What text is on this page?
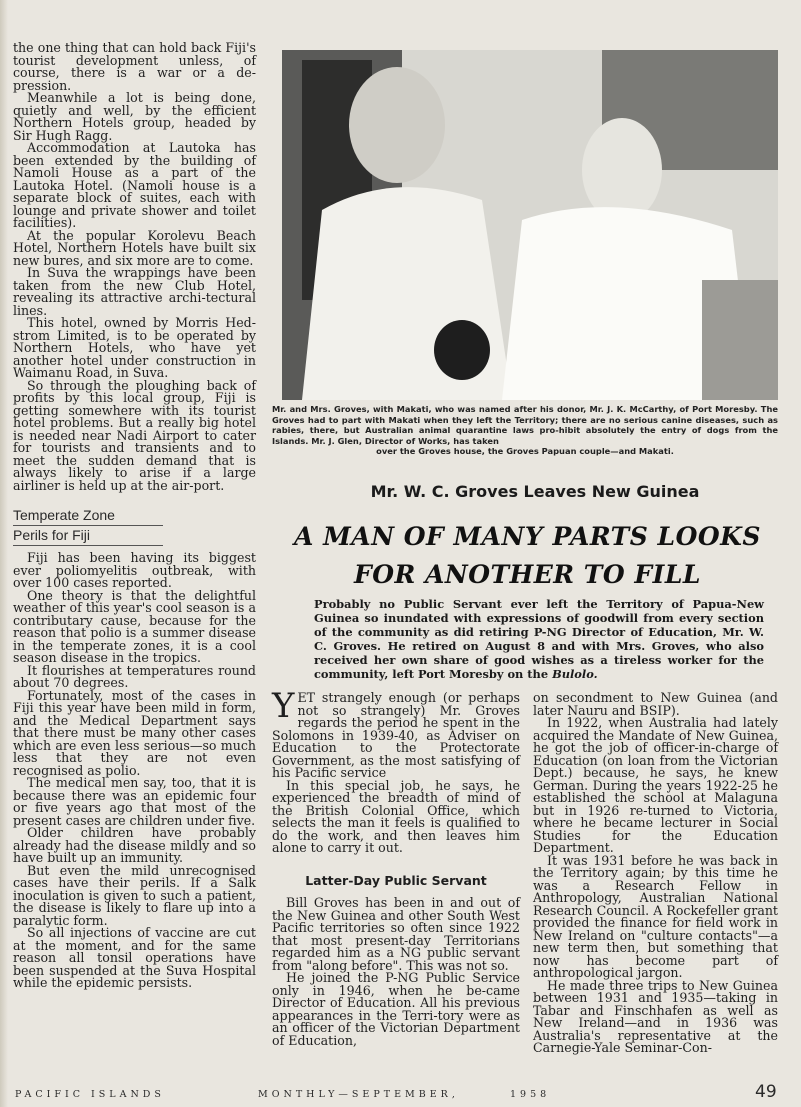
the one thing that can hold back Fiji's tourist development unless, of course, there is a war or a de-pression.

Meanwhile a lot is being done, quietly and well, by the efficient Northern Hotels group, headed by Sir Hugh Ragg.

Accommodation at Lautoka has been extended by the building of Namoli House as a part of the Lautoka Hotel. (Namoli house is a separate block of suites, each with lounge and private shower and toilet facilities).

At the popular Korolevu Beach Hotel, Northern Hotels have built six new bures, and six more are to come.

In Suva the wrappings have been taken from the new Club Hotel, revealing its attractive archi-tectural lines.

This hotel, owned by Morris Hed-strom Limited, is to be operated by Northern Hotels, who have yet another hotel under construction in Waimanu Road, in Suva.

So through the ploughing back of profits by this local group, Fiji is getting somewhere with its tourist hotel problems. But a really big hotel is needed near Nadi Airport to cater for tourists and transients and to meet the sudden demand that is always likely to arise if a large airliner is held up at the air-port.

Temperate Zone
Perils for Fiji

Fiji has been having its biggest ever poliomyelitis outbreak, with over 100 cases reported.

One theory is that the delightful weather of this year's cool season is a contributary cause, because for the reason that polio is a summer disease in the temperate zones, it is a cool season disease in the tropics.

It flourishes at temperatures round about 70 degrees.

Fortunately, most of the cases in Fiji this year have been mild in form, and the Medical Department says that there must be many other cases which are even less serious—so much less that they are not even recognised as polio.

The medical men say, too, that it is because there was an epidemic four or five years ago that most of the present cases are children under five.

Older children have probably already had the disease mildly and so have built up an immunity.

But even the mild unrecognised cases have their perils. If a Salk inoculation is given to such a patient, the disease is likely to flare up into a paralytic form.

So all injections of vaccine are cut at the moment, and for the same reason all tonsil operations have been suspended at the Suva Hospital while the epidemic persists.

Mr. and Mrs. Groves, with Makati, who was named after his donor, Mr. J. K. McCarthy, of Port Moresby. The Groves had to part with Makati when they left the Territory; there are no serious canine diseases, such as rabies, there, but Australian animal quarantine laws pro-hibit absolutely the entry of dogs from the Islands. Mr. J. Glen, Director of Works, has taken
over the Groves house, the Groves Papuan couple—and Makati.
Mr. W. C. Groves Leaves New Guinea
A MAN OF MANY PARTS LOOKS
FOR ANOTHER TO FILL
Probably no Public Servant ever left the Territory of Papua-New Guinea so inundated with expressions of goodwill from every section of the community as did retiring P-NG Director of Education, Mr. W. C. Groves. He retired on August 8 and with Mrs. Groves, who also received her own share of good wishes as a tireless worker for the community, left Port Moresby on the Bulolo.

YET strangely enough (or perhaps not so strangely) Mr. Groves regards the period he spent in the Solomons in 1939-40, as Adviser on Education to the Protectorate Government, as the most satisfying of his Pacific service

In this special job, he says, he experienced the breadth of mind of the British Colonial Office, which selects the man it feels is qualified to do the work, and then leaves him alone to carry it out.

Latter-Day Public Servant

Bill Groves has been in and out of the New Guinea and other South West Pacific territories so often since 1922 that most present-day Territorians regarded him as a NG public servant from "along before". This was not so.

He joined the P-NG Public Service only in 1946, when he be-came Director of Education. All his previous appearances in the Terri-tory were as an officer of the Victorian Department of Education,

on secondment to New Guinea (and later Nauru and BSIP).

In 1922, when Australia had lately acquired the Mandate of New Guinea, he got the job of officer-in-charge of Education (on loan from the Victorian Dept.) because, he says, he knew German. During the years 1922-25 he established the school at Malaguna but in 1926 re-turned to Victoria, where he became lecturer in Social Studies for the Education Department.

It was 1931 before he was back in the Territory again; by this time he was a Research Fellow in Anthropology, Australian National Research Council. A Rockefeller grant provided the finance for field work in New Ireland on "culture contacts"—a new term then, but something that now has become part of anthropological jargon.

He made three trips to New Guinea between 1931 and 1935—taking in Tabar and Finschhafen as well as New Ireland—and in 1936 was Australia's representative at the Carnegie-Yale Seminar-Con-

PACIFIC ISLANDS	MONTHLY—SEPTEMBER,	1958	49
